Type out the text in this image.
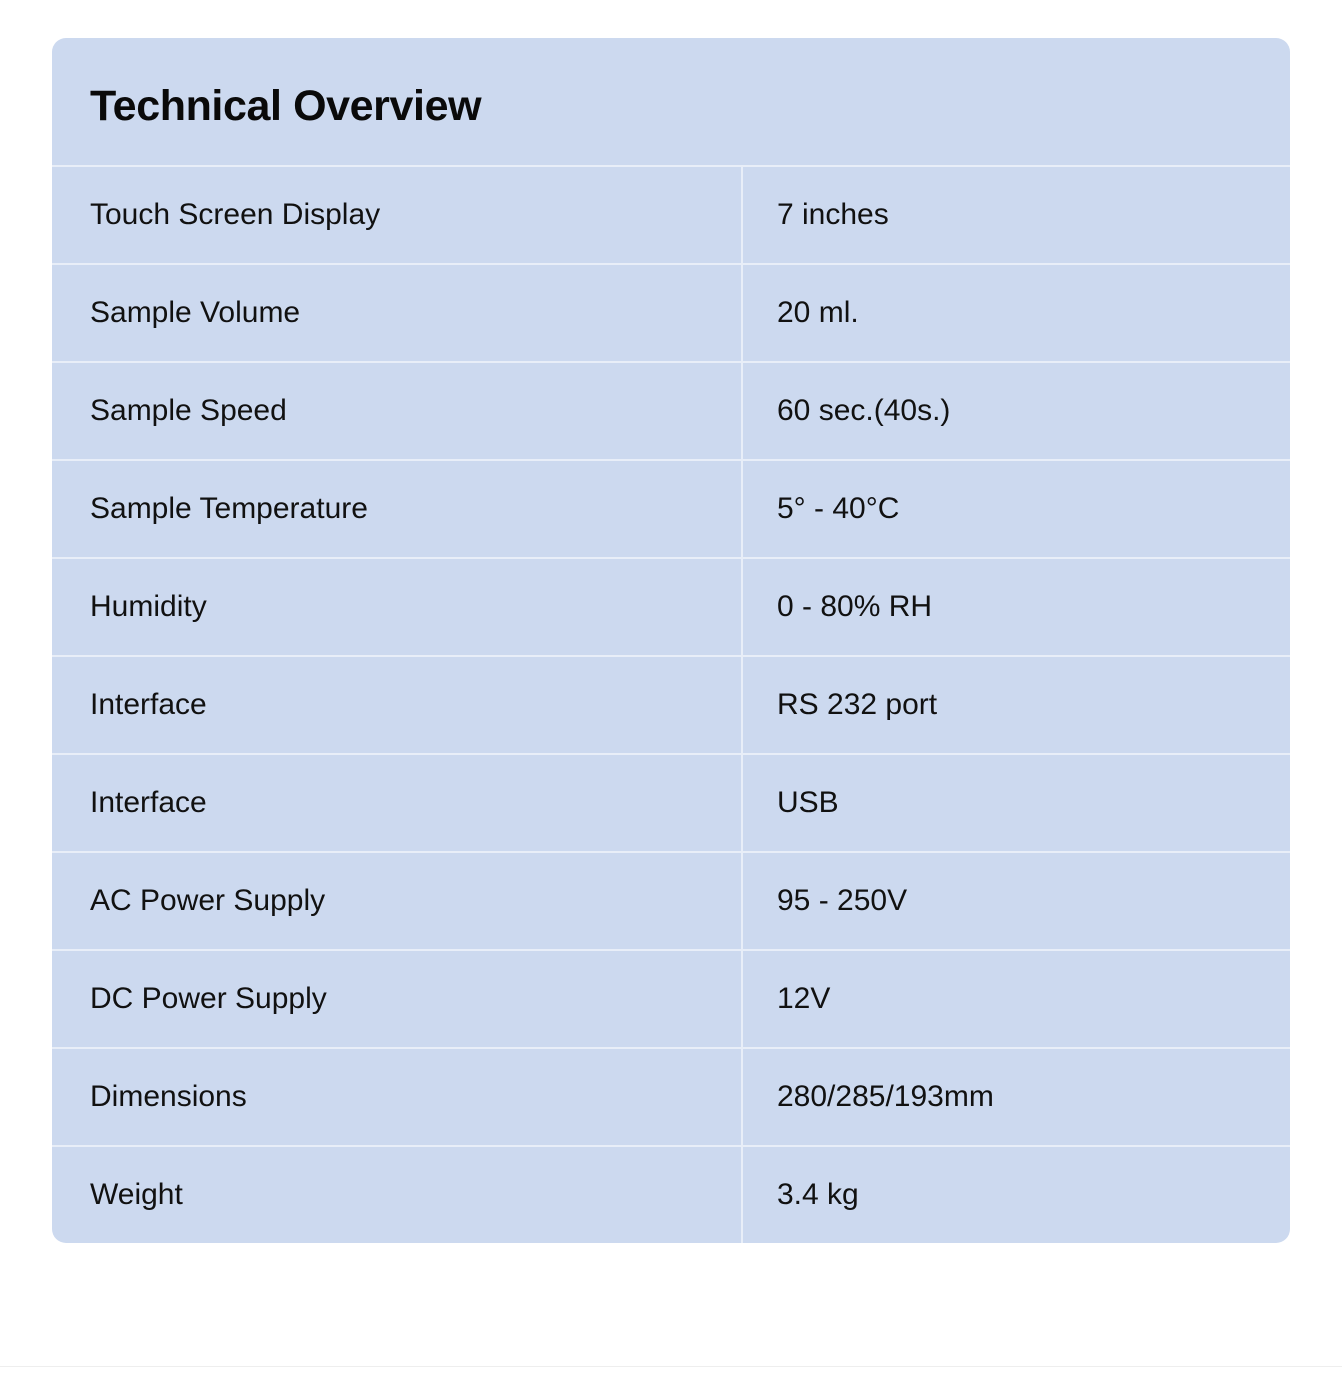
Technical Overview
Touch Screen Display	7 inches
Sample Volume	20 ml.
Sample Speed	60 sec.(40s.)
Sample Temperature	5° - 40°C
Humidity	0 - 80% RH
Interface	RS 232 port
Interface	USB
AC Power Supply	95 - 250V
DC Power Supply	12V
Dimensions	280/285/193mm
Weight	3.4 kg
